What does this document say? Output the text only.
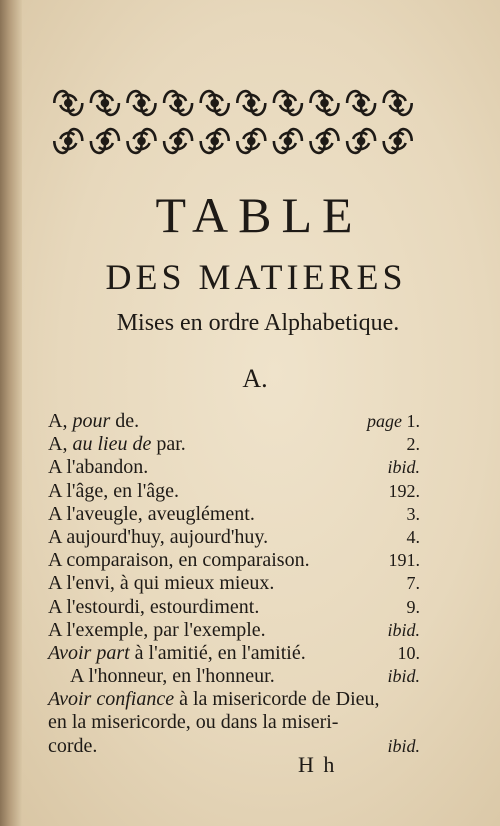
TABLE
DES MATIERES
Mises en ordre Alphabetique.
A.
A, pour de.	page 1.
A, au lieu de par.	2.
A l'abandon.	ibid.
A l'âge, en l'âge.	192.
A l'aveugle, aveuglément.	3.
A aujourd'huy, aujourd'huy.	4.
A comparaison, en comparaison.	191.
A l'envi, à qui mieux mieux.	7.
A l'estourdi, estourdiment.	9.
A l'exemple, par l'exemple.	ibid.
Avoir part à l'amitié, en l'amitié.	10.
A l'honneur, en l'honneur.	ibid.
Avoir confiance à la misericorde de Dieu,
en la misericorde, ou dans la miseri-
corde.	ibid.
H h
